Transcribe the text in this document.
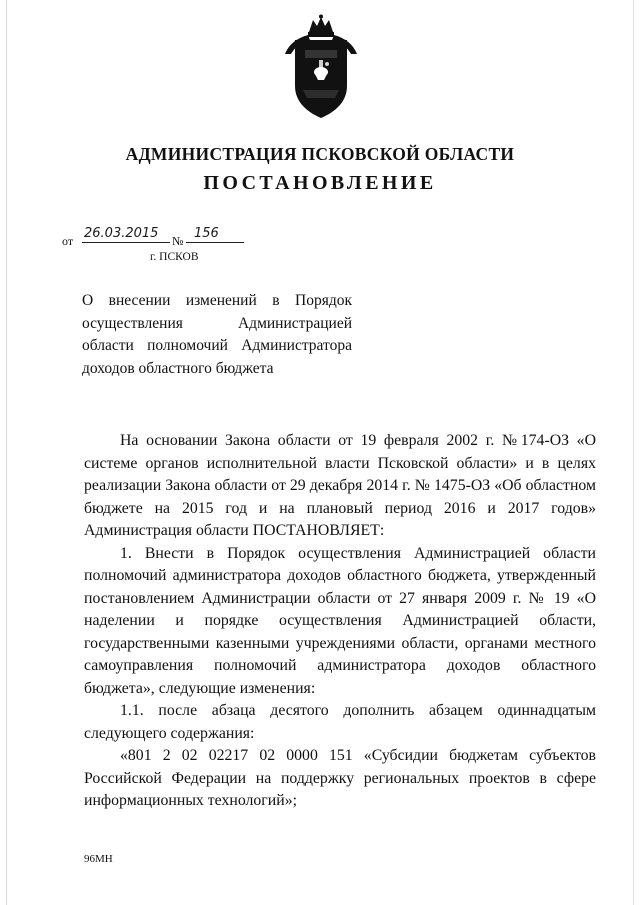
АДМИНИСТРАЦИЯ ПСКОВСКОЙ ОБЛАСТИ
ПОСТАНОВЛЕНИЕ
от 26.03.2015 № 156
г. ПСКОВ
О внесении изменений в Порядок
осуществления Администрацией
области полномочий Администратора
доходов областного бюджета

На основании Закона области от 19 февраля 2002 г. №174-ОЗ «О системе органов исполнительной власти Псковской области» и в целях реализации Закона области от 29 декабря 2014 г. № 1475-ОЗ «Об областном бюджете на 2015 год и на плановый период 2016 и 2017 годов» Администрация области ПОСТАНОВЛЯЕТ:

1. Внести в Порядок осуществления Администрацией области полномочий администратора доходов областного бюджета, утвержденный постановлением Администрации области от 27 января 2009 г. № 19 «О наделении и порядке осуществления Администрацией области, государственными казенными учреждениями области, органами местного самоуправления полномочий администратора доходов областного бюджета», следующие изменения:

1.1. после абзаца десятого дополнить абзацем одиннадцатым следующего содержания:

«801 2 02 02217 02 0000 151 «Субсидии бюджетам субъектов Российской Федерации на поддержку региональных проектов в сфере информационных технологий»;

96МН
